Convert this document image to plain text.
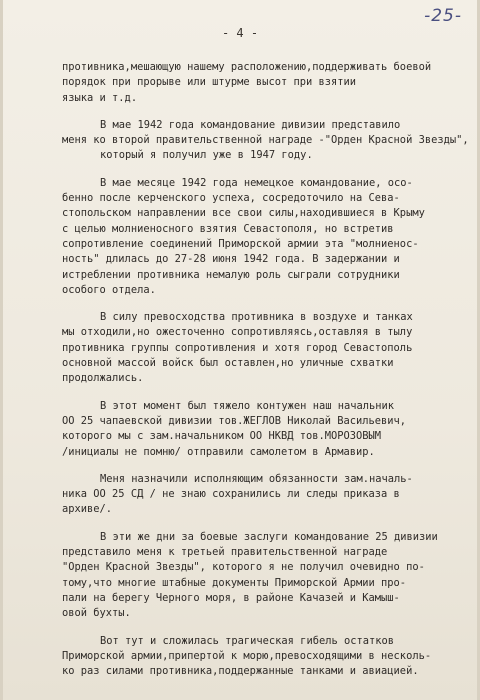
-25-
- 4 -
противника,мешающую нашему расположению,поддерживать боевой
порядок при прорыве или штурме высот при взятии
языка и т.д.
В мае 1942 года командование дивизии представило
меня ко второй правительственной награде -"Орден Красной Звезды",
который я получил уже в 1947 году.
В мае месяце 1942 года немецкое командование, осо-
бенно после керченского успеха, сосредоточило на Сева-
стопольском направлении все свои силы,находившиеся в Крыму
с целью молниеносного взятия Севастополя, но встретив
сопротивление соединений Приморской армии эта "молниенос-
ность" длилась до 27-28 июня 1942 года. В задержании и
истреблении противника немалую роль сыграли сотрудники
особого отдела.
В силу превосходства противника в воздухе и танках
мы отходили,но ожесточенно сопротивляясь,оставляя в тылу
противника группы сопротивления и хотя город Севастополь
основной массой войск был оставлен,но уличные схватки
продолжались.
В этот момент был тяжело контужен наш начальник
ОО 25 чапаевской дивизии тов.ЖЕГЛОВ Николай Васильевич,
которого мы с зам.начальником ОО НКВД тов.МОРОЗОВЫМ
/инициалы не помню/ отправили самолетом в Армавир.
Меня назначили исполняющим обязанности зам.началь-
ника ОО 25 СД / не знаю сохранились ли следы приказа в
архиве/.
В эти же дни за боевые заслуги командование 25 дивизии
представило меня к третьей правительственной награде
"Орден Красной Звезды", которого я не получил очевидно по-
тому,что многие штабные документы Приморской Армии про-
пали на берегу Черного моря, в районе Качазей и Камыш-
овой бухты.
Вот тут и сложилась трагическая гибель остатков
Приморской армии,припертой к морю,превосходящими в несколь-
ко раз силами противника,поддержанные танками и авиацией.
